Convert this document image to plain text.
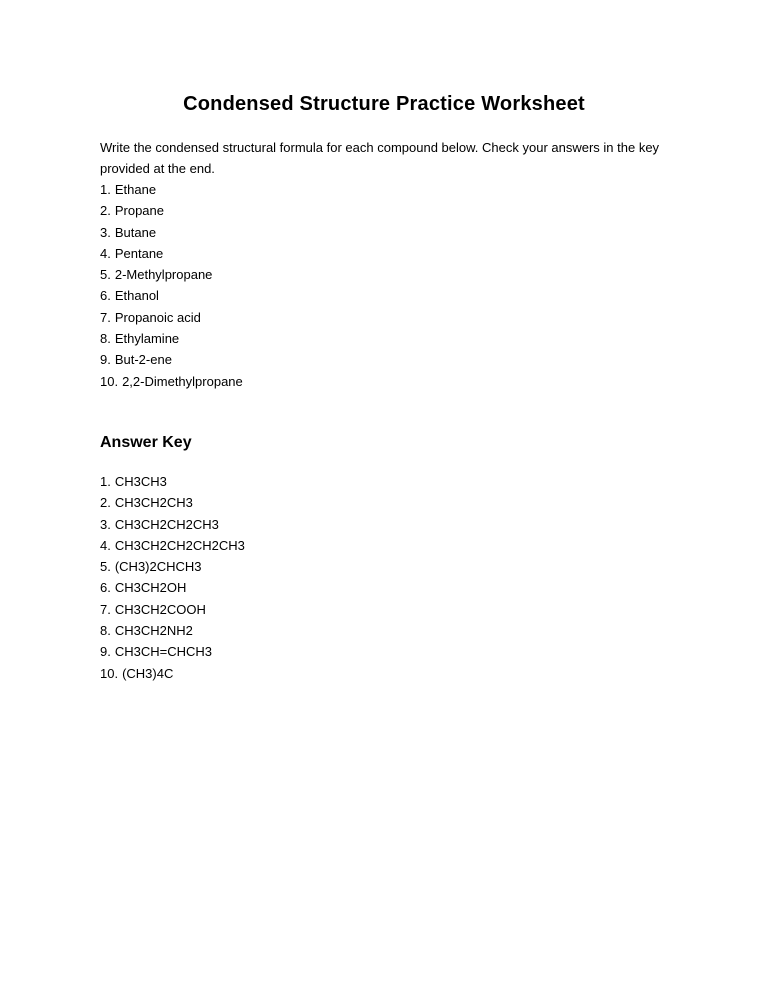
Condensed Structure Practice Worksheet

Write the condensed structural formula for each compound below. Check your answers in the key provided at the end.

1. Ethane
2. Propane
3. Butane
4. Pentane
5. 2-Methylpropane
6. Ethanol
7. Propanoic acid
8. Ethylamine
9. But-2-ene
10. 2,2-Dimethylpropane
Answer Key
1. CH3CH3
2. CH3CH2CH3
3. CH3CH2CH2CH3
4. CH3CH2CH2CH2CH3
5. (CH3)2CHCH3
6. CH3CH2OH
7. CH3CH2COOH
8. CH3CH2NH2
9. CH3CH=CHCH3
10. (CH3)4C
